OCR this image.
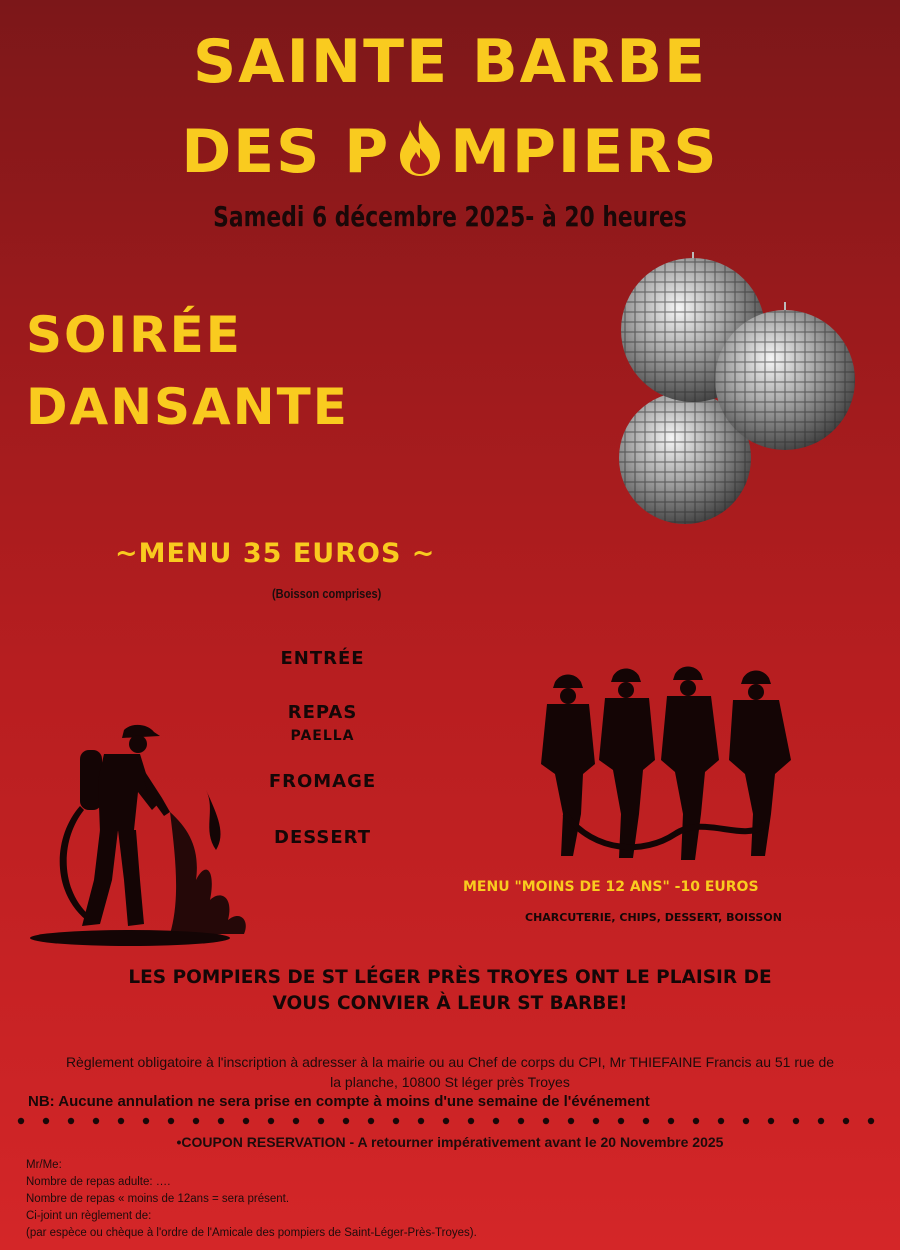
SAINTE BARBE
DES P MPIERS
Samedi 6 décembre 2025- à 20 heures
SOIRÉE
DANSANTE
~MENU 35 EUROS ~
(Boisson comprises)
ENTRÉE
REPAS
PAELLA
FROMAGE
DESSERT
MENU "MOINS DE 12 ANS" -10 EUROS
CHARCUTERIE, CHIPS, DESSERT, BOISSON
LES POMPIERS DE ST LÉGER PRÈS TROYES ONT LE PLAISIR DE
VOUS CONVIER À LEUR ST BARBE!
Règlement obligatoire à l'inscription à adresser à la mairie ou au Chef de corps du CPI, Mr THIEFAINE Francis au 51 rue de
la planche, 10800 St léger près Troyes
NB: Aucune annulation ne sera prise en compte à moins d'une semaine de l'événement
•COUPON RESERVATION - A retourner impérativement avant le 20 Novembre 2025
Mr/Me:
Nombre de repas adulte: ….
Nombre de repas « moins de 12ans = sera présent.
Ci-joint un règlement de:
(par espèce ou chèque à l'ordre de l'Amicale des pompiers de Saint-Léger-Près-Troyes).
